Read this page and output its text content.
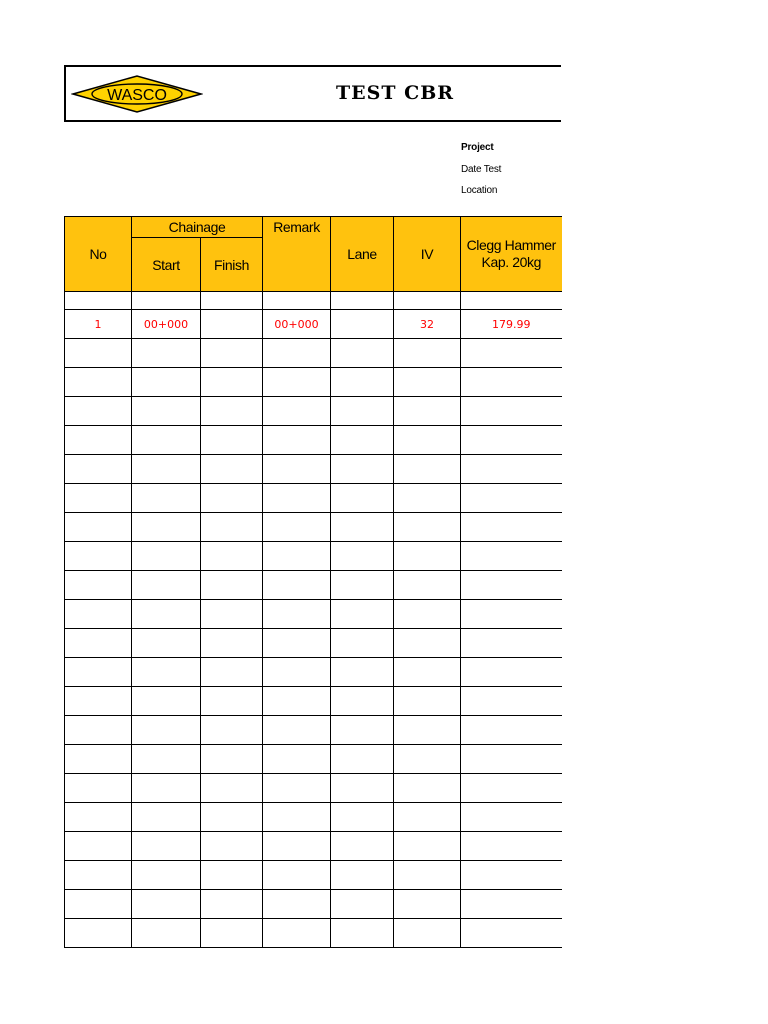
WASCO	TEST CBR
Project
Date Test
Location
No	Chainage		Remark	Lane	IV	Clegg Hammer Kap. 20kg
	Start	Finish				

1	00+000		00+000		32	179.99
